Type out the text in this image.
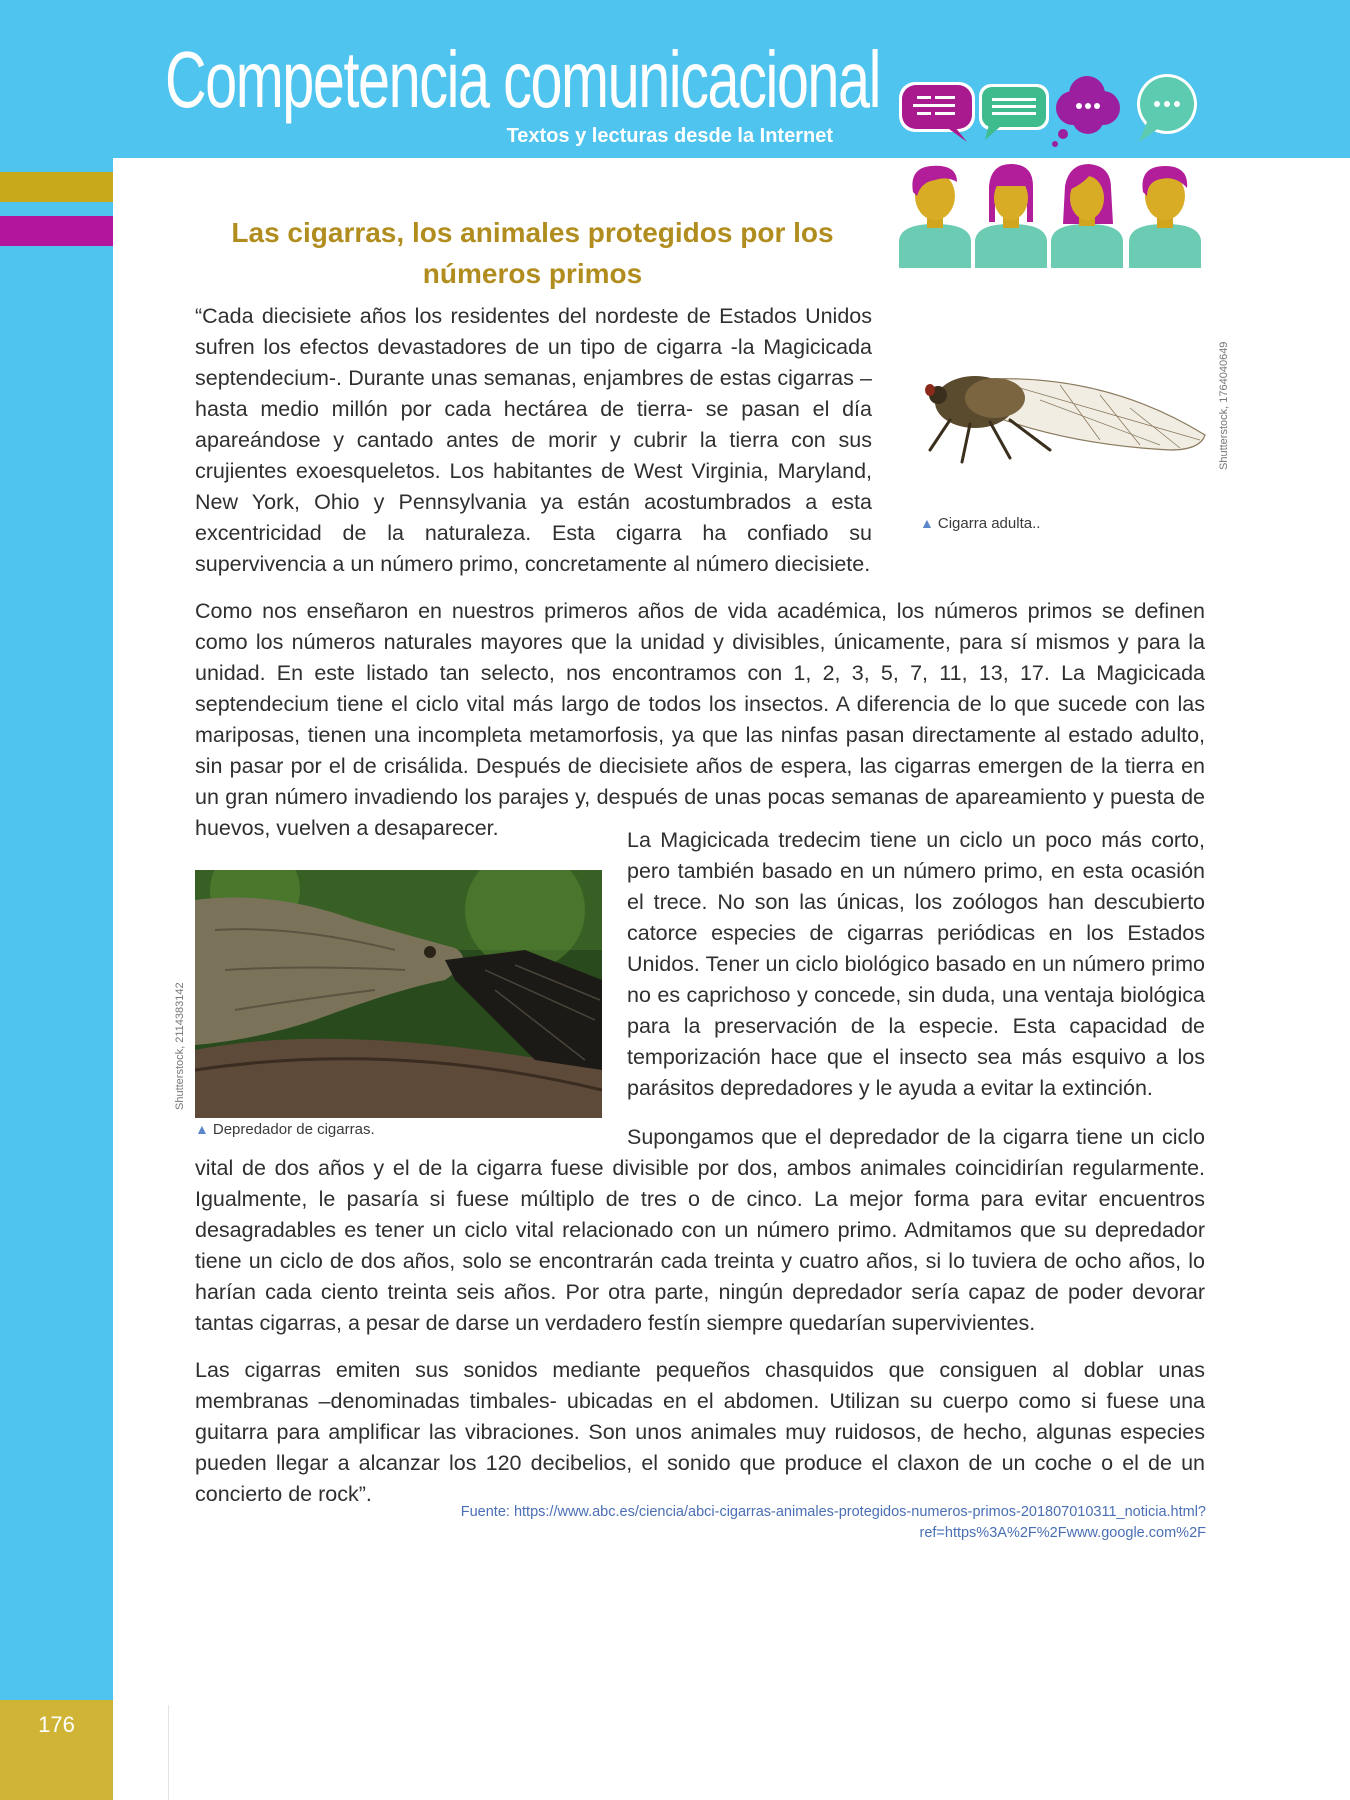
Competencia comunicacional
Textos y lecturas desde la Internet
Las cigarras, los animales protegidos por los números primos

“Cada diecisiete años los residentes del nordeste de Estados Unidos sufren los efectos devastadores de un tipo de cigarra -la Magicicada septendecium-. Durante unas semanas, enjambres de estas cigarras –hasta medio millón por cada hectárea de tierra- se pasan el día apareándose y cantado antes de morir y cubrir la tierra con sus crujientes exoesqueletos. Los habitantes de West Virginia, Maryland, New York, Ohio y Pennsylvania ya están acostumbrados a esta excentricidad de la naturaleza. Esta cigarra ha confiado su supervivencia a un número primo, concretamente al número diecisiete.

Como nos enseñaron en nuestros primeros años de vida académica, los números primos se definen como los números naturales mayores que la unidad y divisibles, únicamente, para sí mismos y para la unidad. En este listado tan selecto, nos encontramos con 1, 2, 3, 5, 7, 11, 13, 17. La Magicicada septendecium tiene el ciclo vital más largo de todos los insectos. A diferencia de lo que sucede con las mariposas, tienen una incompleta metamorfosis, ya que las ninfas pasan directamente al estado adulto, sin pasar por el de crisálida. Después de diecisiete años de espera, las cigarras emergen de la tierra en un gran número invadiendo los parajes y, después de unas pocas semanas de apareamiento y puesta de huevos, vuelven a desaparecer.	La Magicicada tredecim tiene un ciclo un poco más corto, pero también basado en un número primo, en esta ocasión el trece. No son las únicas, los zoólogos han descubierto catorce especies de cigarras periódicas en los Estados Unidos. Tener un ciclo biológico basado en un número primo no es caprichoso y concede, sin duda, una ventaja biológica para la preservación de la especie. Esta capacidad de temporización hace que el insecto sea más esquivo a los parásitos depredadores y le ayuda a evitar la extinción.

Supongamos que el depredador de la cigarra tiene un ciclo vital de dos años y el de la cigarra fuese divisible por dos, ambos animales coincidirían regularmente. Igualmente, le pasaría si fuese múltiplo de tres o de cinco. La mejor forma para evitar encuentros desagradables es tener un ciclo vital relacionado con un número primo. Admitamos que su depredador tiene un ciclo de dos años, solo se encontrarán cada treinta y cuatro años, si lo tuviera de ocho años, lo harían cada ciento treinta seis años. Por otra parte, ningún depredador sería capaz de poder devorar tantas cigarras, a pesar de darse un verdadero festín siempre quedarían supervivientes.

Las cigarras emiten sus sonidos mediante pequeños chasquidos que consiguen al doblar unas membranas –denominadas timbales- ubicadas en el abdomen. Utilizan su cuerpo como si fuese una guitarra para amplificar las vibraciones. Son unos animales muy ruidosos, de hecho, algunas especies pueden llegar a alcanzar los 120 decibelios, el sonido que produce el claxon de un coche o el de un concierto de rock”.

▲ Cigarra adulta..
Shutterstock, 1764040649
▲ Depredador de cigarras.
Shutterstock, 2114383142
Fuente: https://www.abc.es/ciencia/abci-cigarras-animales-protegidos-numeros-primos-201807010311_noticia.html?ref=https%3A%2F%2Fwww.google.com%2F
176
